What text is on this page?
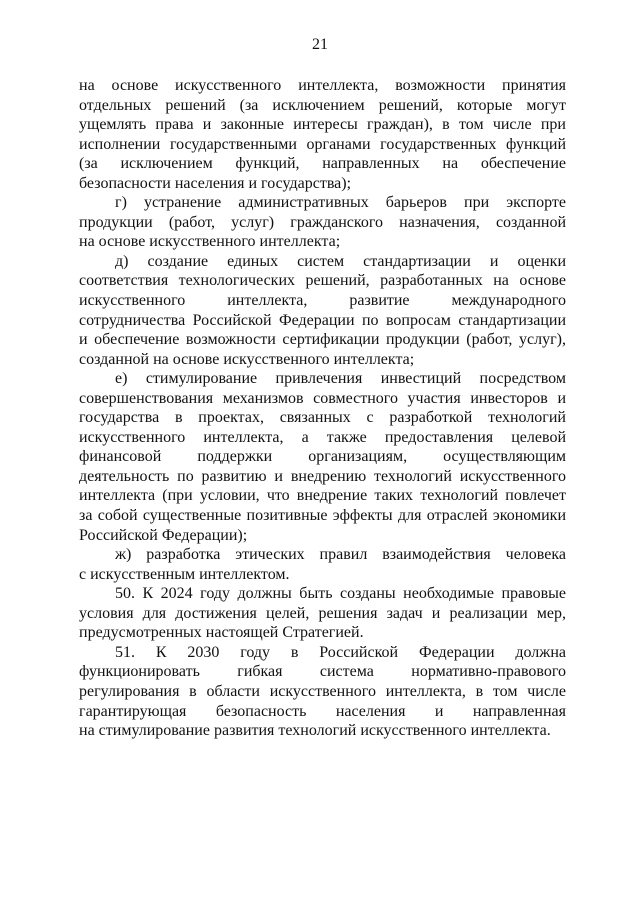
21
на основе искусственного интеллекта, возможности принятия
отдельных решений (за исключением решений, которые могут
ущемлять права и законные интересы граждан), в том числе при
исполнении государственными органами государственных функций
(за исключением функций, направленных на обеспечение
безопасности населения и государства);
г) устранение административных барьеров при экспорте
продукции (работ, услуг) гражданского назначения, созданной
на основе искусственного интеллекта;
д) создание единых систем стандартизации и оценки
соответствия технологических решений, разработанных на основе
искусственного интеллекта, развитие международного
сотрудничества Российской Федерации по вопросам стандартизации
и обеспечение возможности сертификации продукции (работ, услуг),
созданной на основе искусственного интеллекта;
е) стимулирование привлечения инвестиций посредством
совершенствования механизмов совместного участия инвесторов и
государства в проектах, связанных с разработкой технологий
искусственного интеллекта, а также предоставления целевой
финансовой поддержки организациям, осуществляющим
деятельность по развитию и внедрению технологий искусственного
интеллекта (при условии, что внедрение таких технологий повлечет
за собой существенные позитивные эффекты для отраслей экономики
Российской Федерации);
ж) разработка этических правил взаимодействия человека
с искусственным интеллектом.
50. К 2024 году должны быть созданы необходимые правовые
условия для достижения целей, решения задач и реализации мер,
предусмотренных настоящей Стратегией.
51. К 2030 году в Российской Федерации должна
функционировать гибкая система нормативно-правового
регулирования в области искусственного интеллекта, в том числе
гарантирующая безопасность населения и направленная
на стимулирование развития технологий искусственного интеллекта.
